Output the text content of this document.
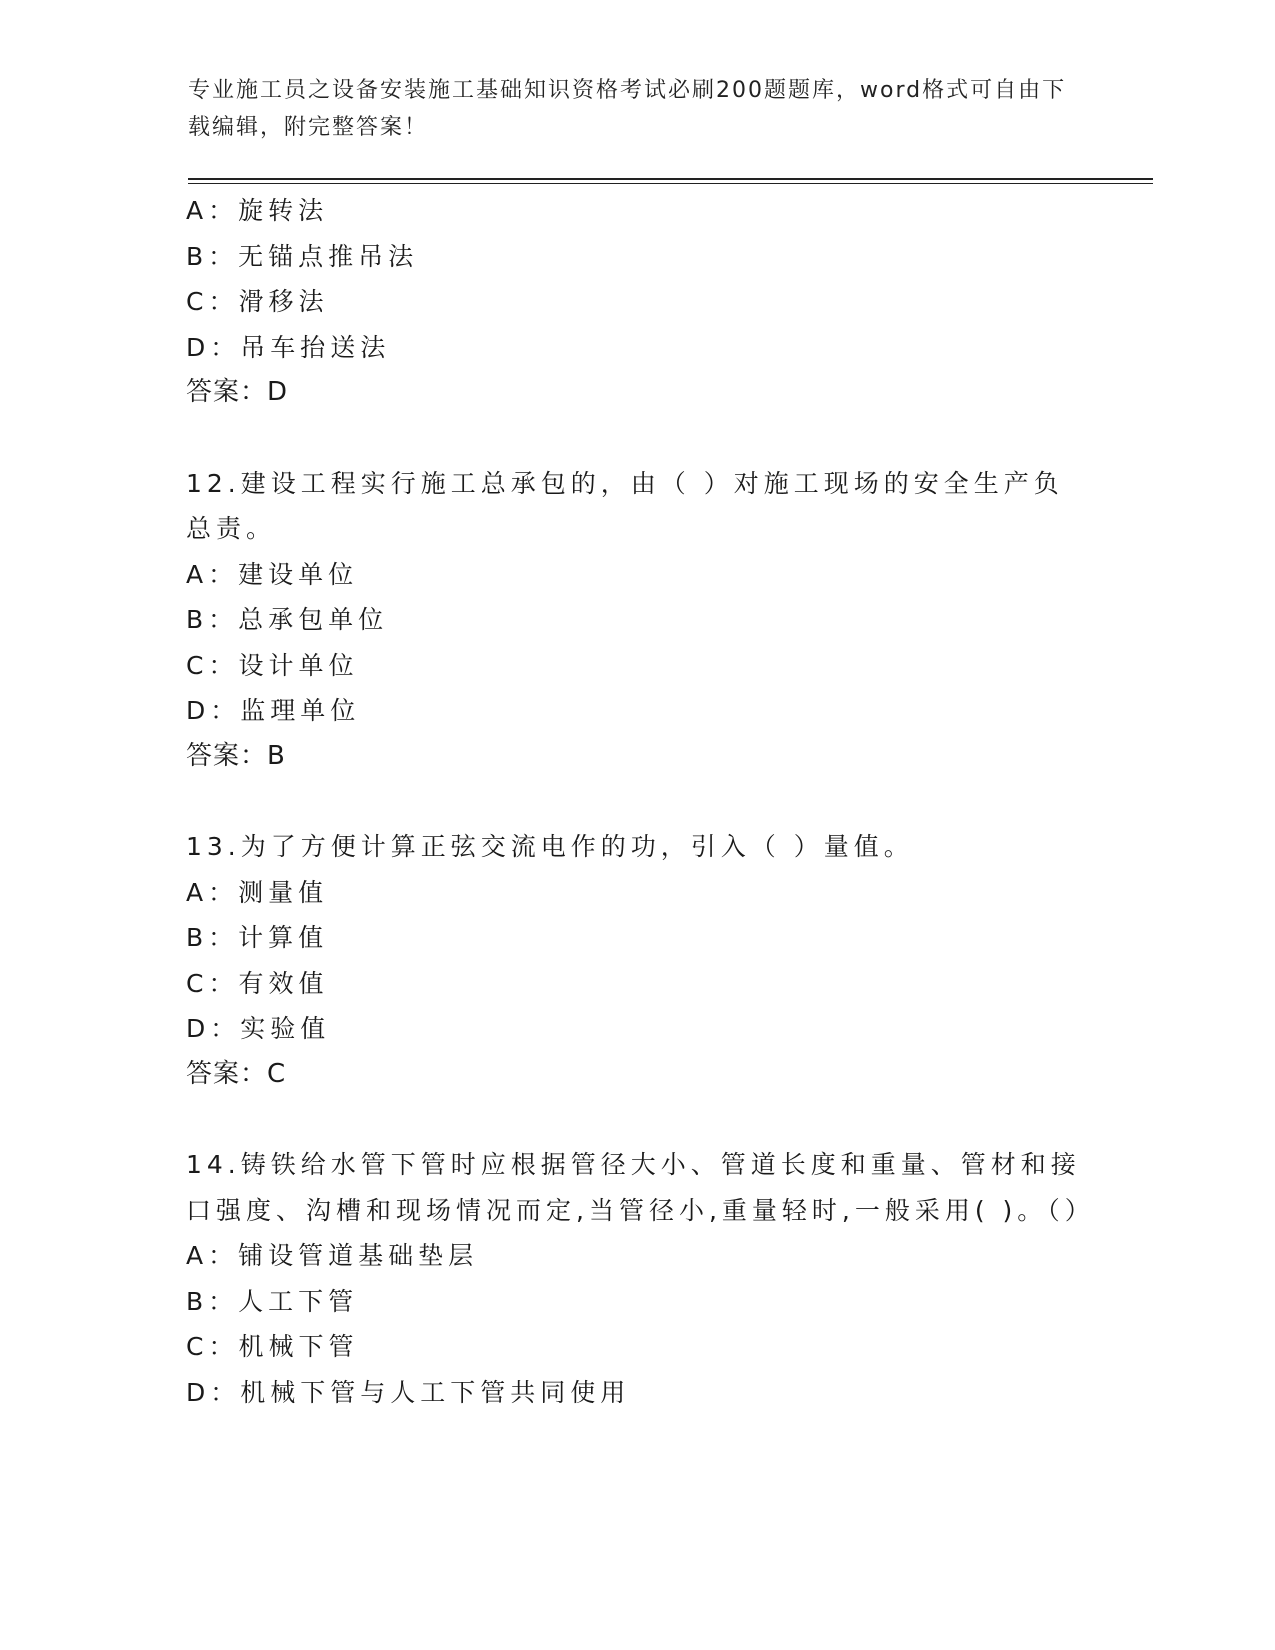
专业施工员之设备安装施工基础知识资格考试必刷200题题库，word格式可自由下载编辑，附完整答案！
A：旋转法
B：无锚点推吊法
C：滑移法
D：吊车抬送法
答案：D
12.建设工程实行施工总承包的，由（ ）对施工现场的安全生产负总责。
A：建设单位
B：总承包单位
C：设计单位
D：监理单位
答案：B
13.为了方便计算正弦交流电作的功，引入（ ）量值。
A：测量值
B：计算值
C：有效值
D：实验值
答案：C
14.铸铁给水管下管时应根据管径大小、管道长度和重量、管材和接口强度、沟槽和现场情况而定,当管径小,重量轻时,一般采用( )。（）
A：铺设管道基础垫层
B：人工下管
C：机械下管
D：机械下管与人工下管共同使用
